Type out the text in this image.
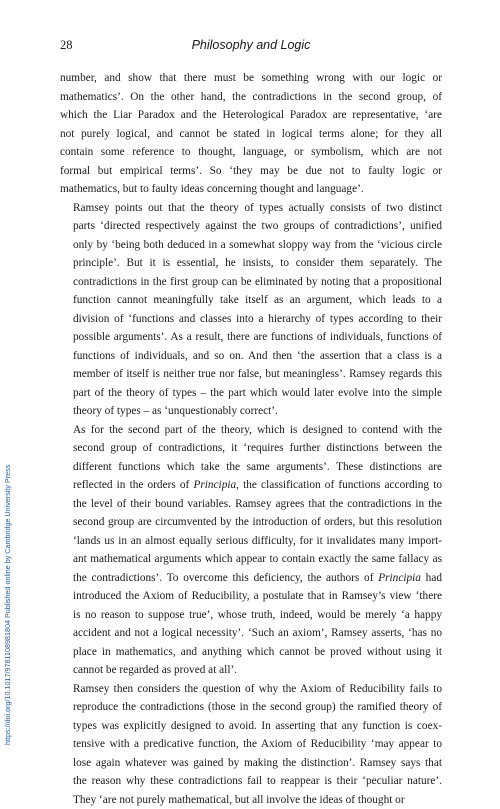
28	Philosophy and Logic
number, and show that there must be something wrong with our logic or
mathematics’. On the other hand, the contradictions in the second group, of
which the Liar Paradox and the Heterological Paradox are representative, ‘are
not purely logical, and cannot be stated in logical terms alone; for they all
contain some reference to thought, language, or symbolism, which are not
formal but empirical terms’. So ‘they may be due not to faulty logic or
mathematics, but to faulty ideas concerning thought and language’.
Ramsey points out that the theory of types actually consists of two distinct
parts ‘directed respectively against the two groups of contradictions’, unified
only by ‘being both deduced in a somewhat sloppy way from the ‘vicious circle
principle’. But it is essential, he insists, to consider them separately. The
contradictions in the first group can be eliminated by noting that a propositional
function cannot meaningfully take itself as an argument, which leads to a
division of ‘functions and classes into a hierarchy of types according to their
possible arguments’. As a result, there are functions of individuals, functions of
functions of individuals, and so on. And then ‘the assertion that a class is a
member of itself is neither true nor false, but meaningless’. Ramsey regards this
part of the theory of types – the part which would later evolve into the simple
theory of types – as ‘unquestionably correct’.
As for the second part of the theory, which is designed to contend with the
second group of contradictions, it ‘requires further distinctions between the
different functions which take the same arguments’. These distinctions are
reflected in the orders of Principia, the classification of functions according to
the level of their bound variables. Ramsey agrees that the contradictions in the
second group are circumvented by the introduction of orders, but this resolution
‘lands us in an almost equally serious difficulty, for it invalidates many import-
ant mathematical arguments which appear to contain exactly the same fallacy as
the contradictions’. To overcome this deficiency, the authors of Principia had
introduced the Axiom of Reducibility, a postulate that in Ramsey’s view ‘there
is no reason to suppose true’, whose truth, indeed, would be merely ‘a happy
accident and not a logical necessity’. ‘Such an axiom’, Ramsey asserts, ‘has no
place in mathematics, and anything which cannot be proved without using it
cannot be regarded as proved at all’.
Ramsey then considers the question of why the Axiom of Reducibility fails to
reproduce the contradictions (those in the second group) the ramified theory of
types was explicitly designed to avoid. In asserting that any function is coex-
tensive with a predicative function, the Axiom of Reducibility ‘may appear to
lose again whatever was gained by making the distinction’. Ramsey says that
the reason why these contradictions fail to reappear is their ‘peculiar nature’.
They ‘are not purely mathematical, but all involve the ideas of thought or
https://doi.org/10.1017/9781108981804 Published online by Cambridge University Press
